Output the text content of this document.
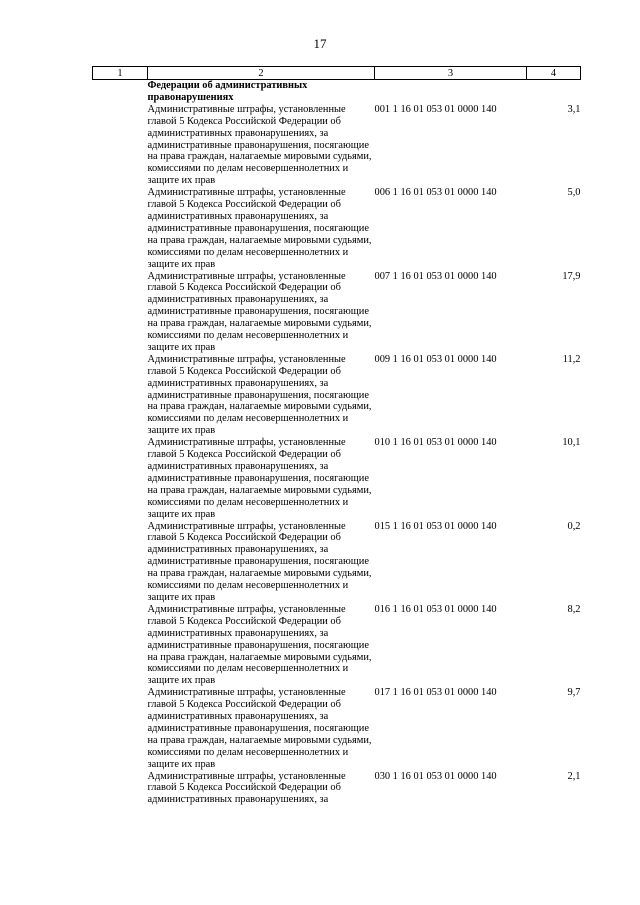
17
1	2	3	4
	Федерации об административных правонарушениях		
	Административные штрафы, установленные главой 5 Кодекса Российской Федерации об административных правонарушениях, за административные правонарушения, посягающие на права граждан, налагаемые мировыми судьями, комиссиями по делам несовершеннолетних и защите их прав	001 1 16 01 053 01 0000 140	3,1
	Административные штрафы, установленные главой 5 Кодекса Российской Федерации об административных правонарушениях, за административные правонарушения, посягающие на права граждан, налагаемые мировыми судьями, комиссиями по делам несовершеннолетних и защите их прав	006 1 16 01 053 01 0000 140	5,0
	Административные штрафы, установленные главой 5 Кодекса Российской Федерации об административных правонарушениях, за административные правонарушения, посягающие на права граждан, налагаемые мировыми судьями, комиссиями по делам несовершеннолетних и защите их прав	007 1 16 01 053 01 0000 140	17,9
	Административные штрафы, установленные главой 5 Кодекса Российской Федерации об административных правонарушениях, за административные правонарушения, посягающие на права граждан, налагаемые мировыми судьями, комиссиями по делам несовершеннолетних и защите их прав	009 1 16 01 053 01 0000 140	11,2
	Административные штрафы, установленные главой 5 Кодекса Российской Федерации об административных правонарушениях, за административные правонарушения, посягающие на права граждан, налагаемые мировыми судьями, комиссиями по делам несовершеннолетних и защите их прав	010 1 16 01 053 01 0000 140	10,1
	Административные штрафы, установленные главой 5 Кодекса Российской Федерации об административных правонарушениях, за административные правонарушения, посягающие на права граждан, налагаемые мировыми судьями, комиссиями по делам несовершеннолетних и защите их прав	015 1 16 01 053 01 0000 140	0,2
	Административные штрафы, установленные главой 5 Кодекса Российской Федерации об административных правонарушениях, за административные правонарушения, посягающие на права граждан, налагаемые мировыми судьями, комиссиями по делам несовершеннолетних и защите их прав	016 1 16 01 053 01 0000 140	8,2
	Административные штрафы, установленные главой 5 Кодекса Российской Федерации об административных правонарушениях, за административные правонарушения, посягающие на права граждан, налагаемые мировыми судьями, комиссиями по делам несовершеннолетних и защите их прав	017 1 16 01 053 01 0000 140	9,7
	Административные штрафы, установленные главой 5 Кодекса Российской Федерации об административных правонарушениях, за	030 1 16 01 053 01 0000 140	2,1
